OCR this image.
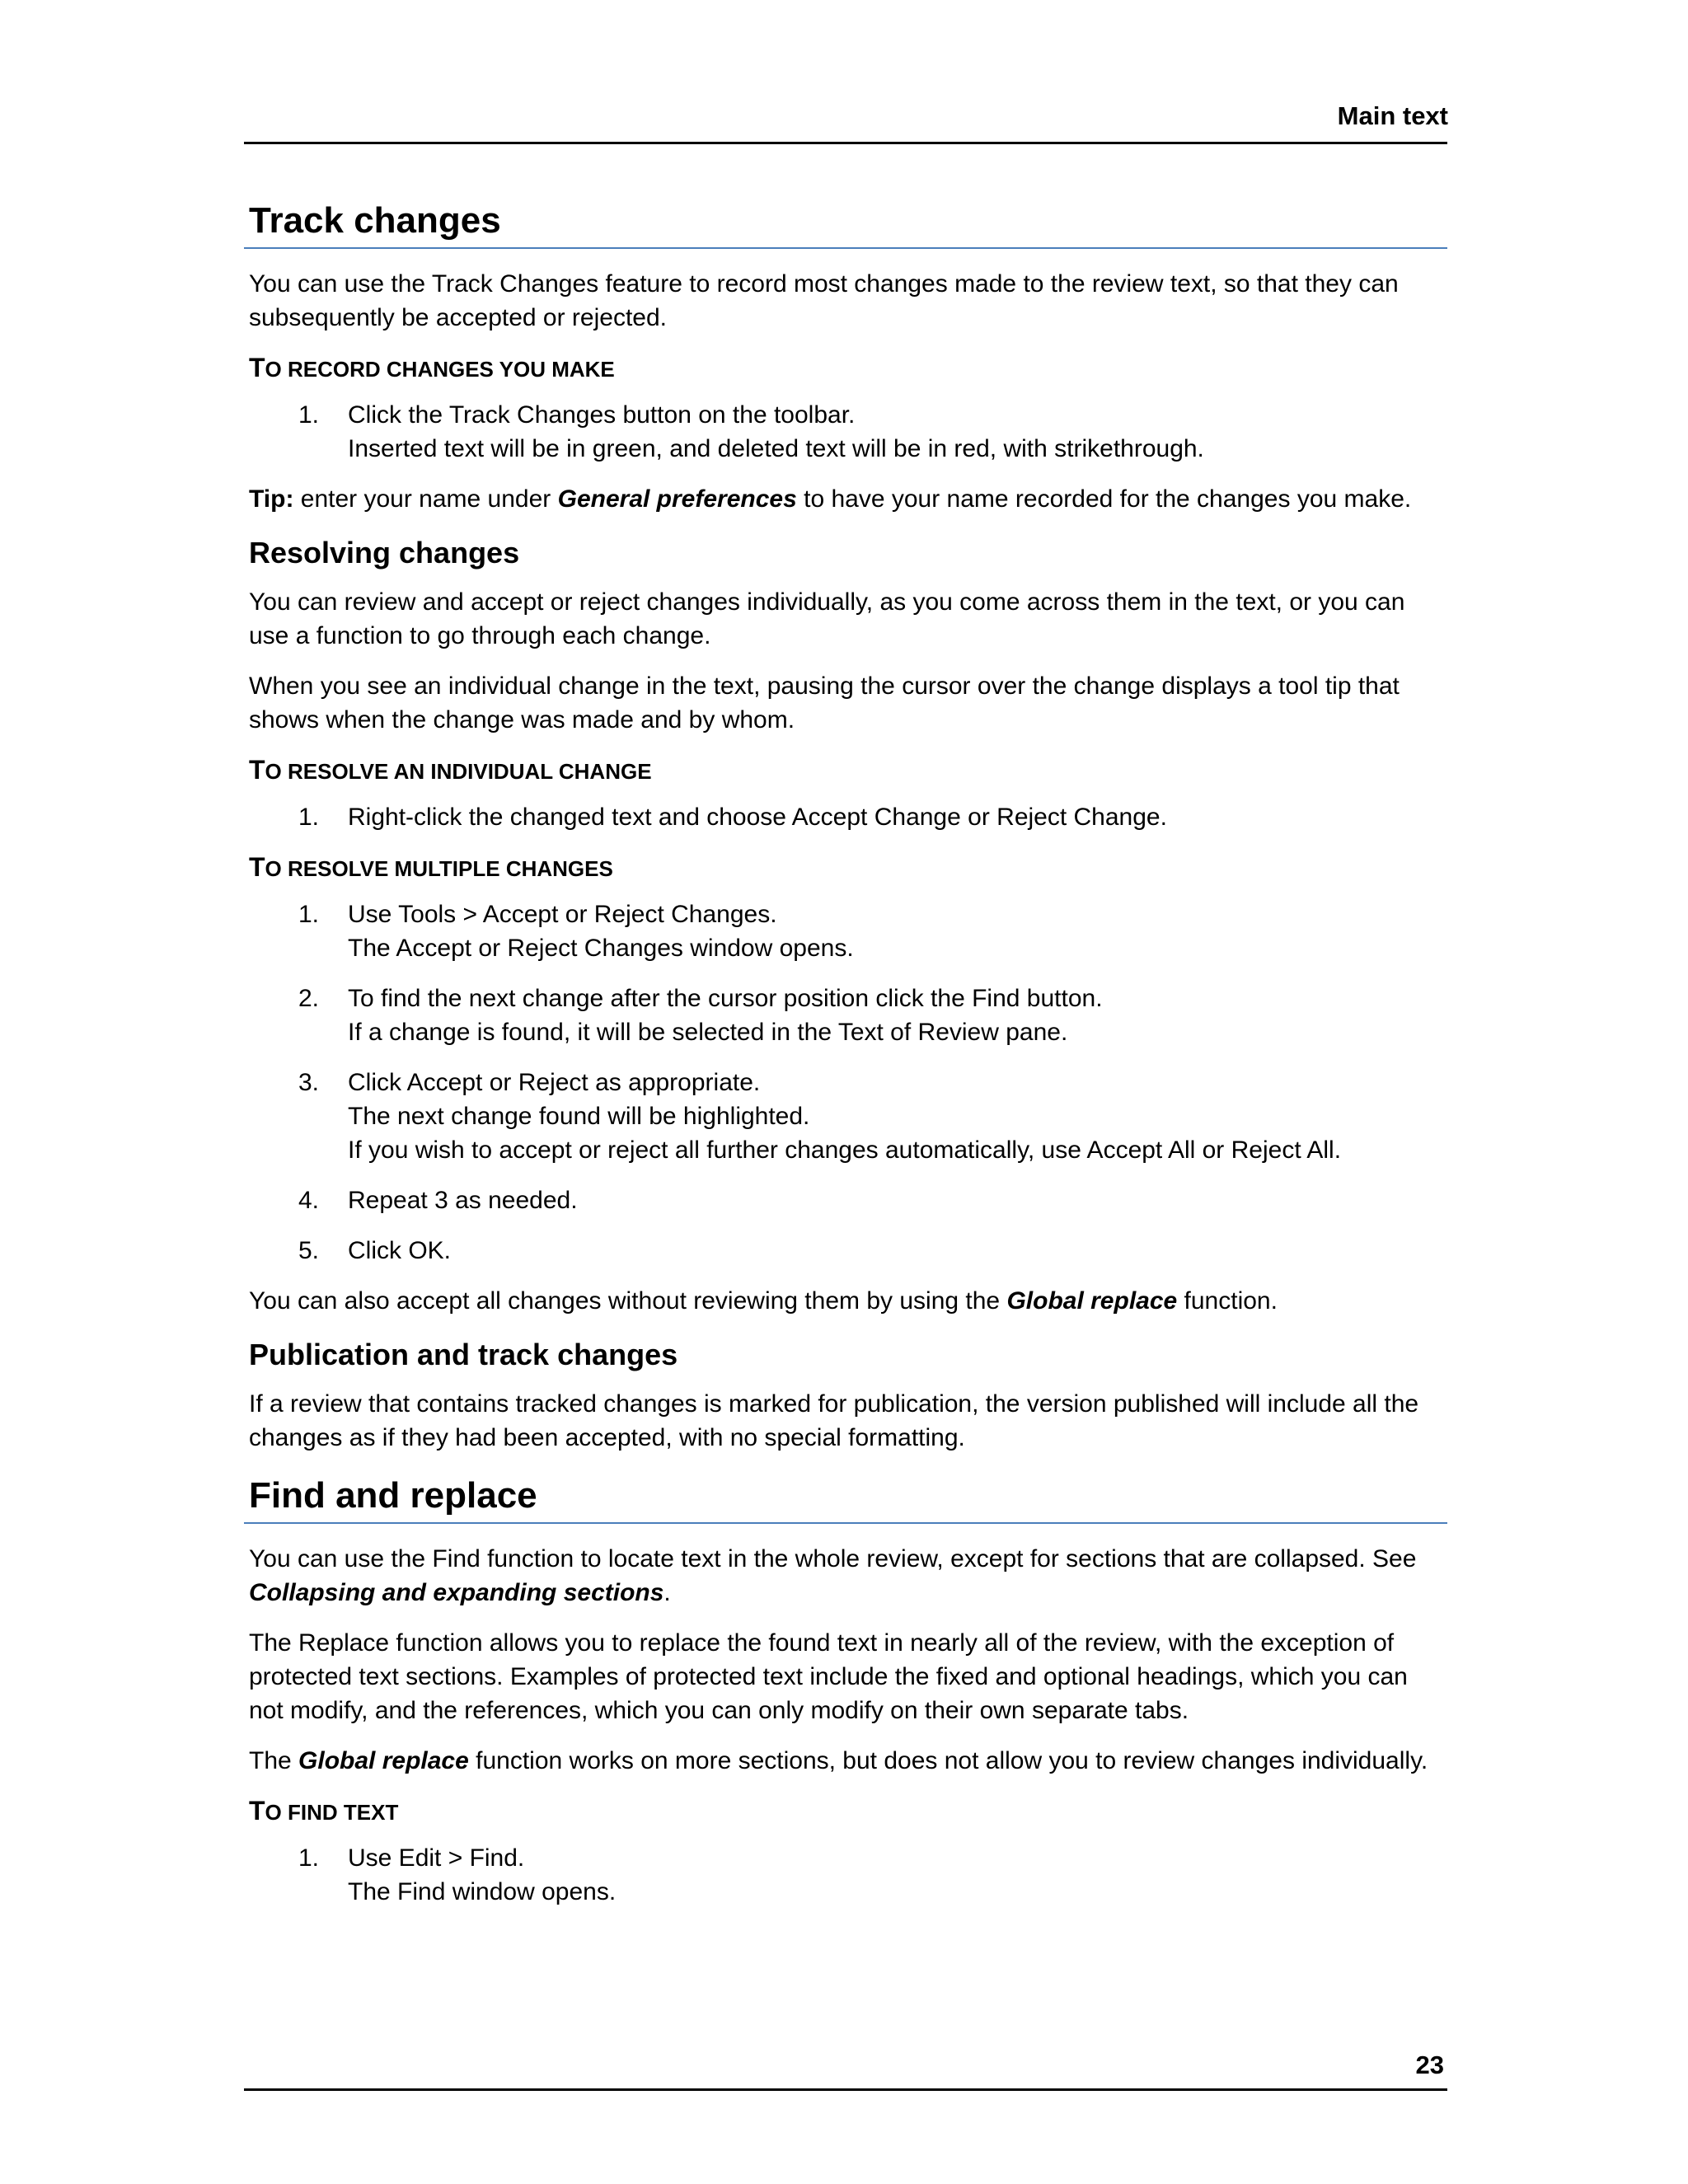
Main text
Track changes

You can use the Track Changes feature to record most changes made to the review text, so that they can subsequently be accepted or rejected.

TO RECORD CHANGES YOU MAKE
1. Click the Track Changes button on the toolbar.
Inserted text will be in green, and deleted text will be in red, with strikethrough.

Tip: enter your name under General preferences to have your name recorded for the changes you make.

Resolving changes

You can review and accept or reject changes individually, as you come across them in the text, or you can use a function to go through each change.

When you see an individual change in the text, pausing the cursor over the change displays a tool tip that shows when the change was made and by whom.

TO RESOLVE AN INDIVIDUAL CHANGE
1. Right-click the changed text and choose Accept Change or Reject Change.
TO RESOLVE MULTIPLE CHANGES
1. Use Tools > Accept or Reject Changes.
The Accept or Reject Changes window opens.
2. To find the next change after the cursor position click the Find button.
If a change is found, it will be selected in the Text of Review pane.
3. Click Accept or Reject as appropriate.
The next change found will be highlighted.
If you wish to accept or reject all further changes automatically, use Accept All or Reject All.
4. Repeat 3 as needed.
5. Click OK.

You can also accept all changes without reviewing them by using the Global replace function.

Publication and track changes

If a review that contains tracked changes is marked for publication, the version published will include all the changes as if they had been accepted, with no special formatting.

Find and replace

You can use the Find function to locate text in the whole review, except for sections that are collapsed. See Collapsing and expanding sections.

The Replace function allows you to replace the found text in nearly all of the review, with the exception of protected text sections. Examples of protected text include the fixed and optional headings, which you can not modify, and the references, which you can only modify on their own separate tabs.

The Global replace function works on more sections, but does not allow you to review changes individually.

TO FIND TEXT
1. Use Edit > Find.
The Find window opens.
23
